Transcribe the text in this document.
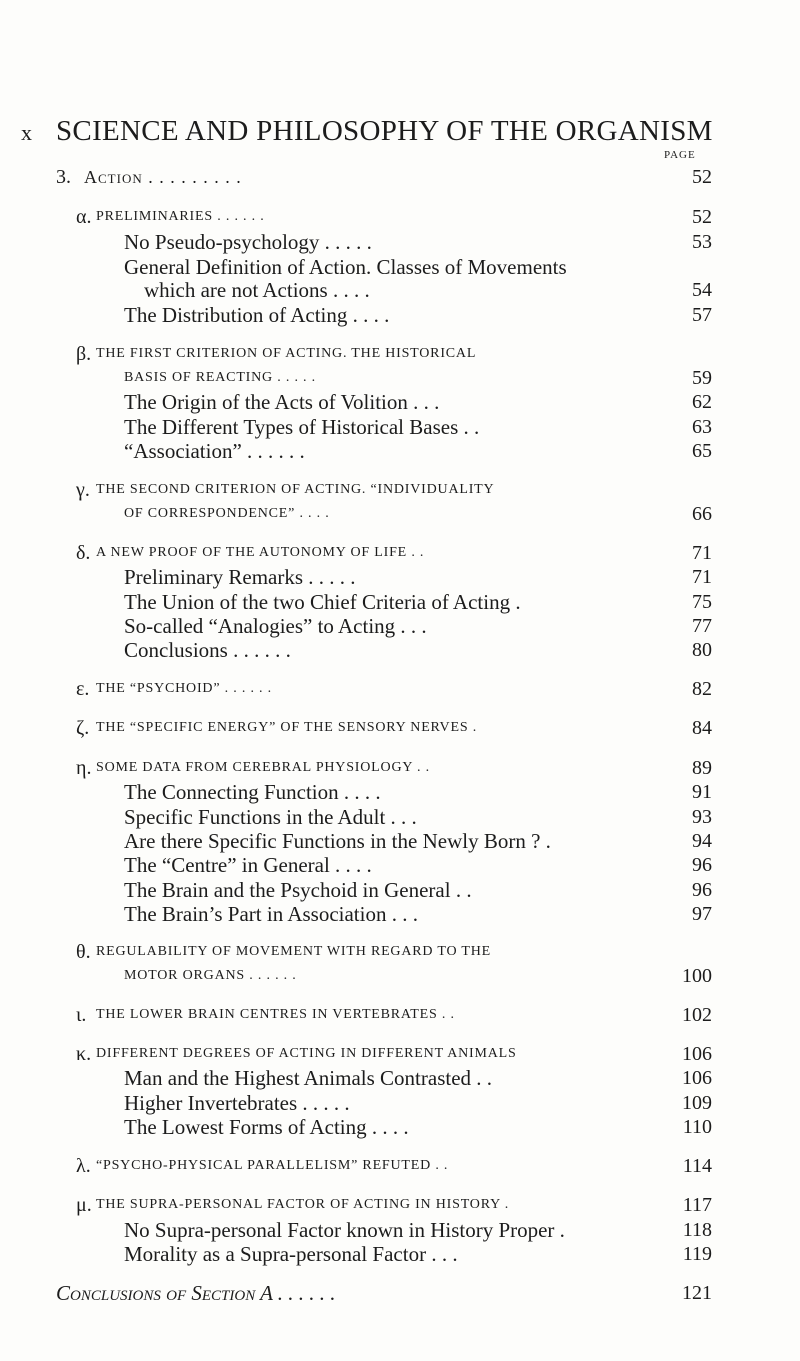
x SCIENCE AND PHILOSOPHY OF THE ORGANISM
PAGE
3. Action . . . . . . . . .	52
α. PRELIMINARIES . . . . . .	52
No Pseudo-psychology . . . . .	53
General Definition of Action. Classes of Movements
which are not Actions . . . .	54
The Distribution of Acting . . . .	57
β. THE FIRST CRITERION OF ACTING. THE HISTORICAL
BASIS OF REACTING . . . . .	59
The Origin of the Acts of Volition . . .	62
The Different Types of Historical Bases . .	63
“Association” . . . . . .	65
γ. THE SECOND CRITERION OF ACTING. “INDIVIDUALITY
OF CORRESPONDENCE” . . . .	66
δ. A NEW PROOF OF THE AUTONOMY OF LIFE . .	71
Preliminary Remarks . . . . .	71
The Union of the two Chief Criteria of Acting .	75
So-called “Analogies” to Acting . . .	77
Conclusions . . . . . .	80
ε. THE “PSYCHOID” . . . . . .	82
ζ. THE “SPECIFIC ENERGY” OF THE SENSORY NERVES .	84
η. SOME DATA FROM CEREBRAL PHYSIOLOGY . .	89
The Connecting Function . . . .	91
Specific Functions in the Adult . . .	93
Are there Specific Functions in the Newly Born ? .	94
The “Centre” in General . . . .	96
The Brain and the Psychoid in General . .	96
The Brain’s Part in Association . . .	97
θ. REGULABILITY OF MOVEMENT WITH REGARD TO THE
MOTOR ORGANS . . . . . .	100
ι. THE LOWER BRAIN CENTRES IN VERTEBRATES . .	102
κ. DIFFERENT DEGREES OF ACTING IN DIFFERENT ANIMALS	106
Man and the Highest Animals Contrasted . .	106
Higher Invertebrates . . . . .	109
The Lowest Forms of Acting . . . .	110
λ. “PSYCHO-PHYSICAL PARALLELISM” REFUTED . .	114
μ. THE SUPRA-PERSONAL FACTOR OF ACTING IN HISTORY .	117
No Supra-personal Factor known in History Proper .	118
Morality as a Supra-personal Factor . . .	119
Conclusions of Section A . . . . . .	121
